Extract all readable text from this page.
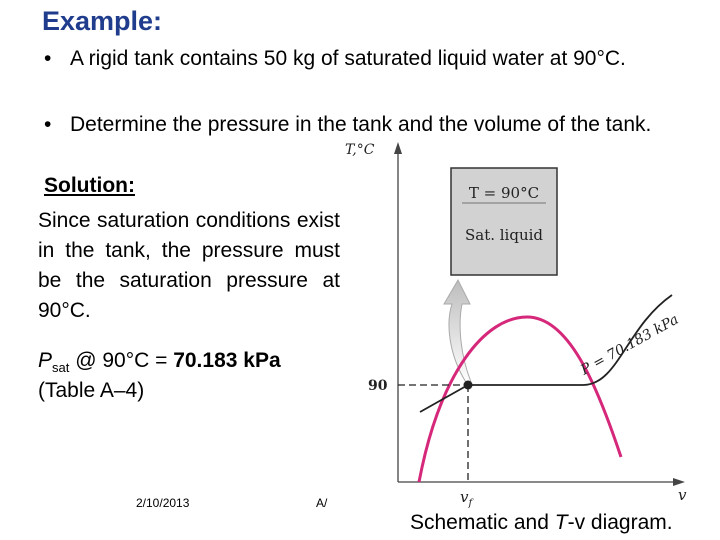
Example:
• A rigid tank contains 50 kg of saturated liquid water at 90°C.
• Determine the pressure in the tank and the volume of the tank.
Solution:
Since saturation conditions exist in the tank, the pressure must be the saturation pressure at 90°C.
$P_{sat}$ @ 90°C = 70.183 kPa
(Table A–4)
2/10/2013	A/
T,°C
v
T = 90°C
Sat. liquid
90
$v_f$
P = 70.183 kPa
Schematic and T-v diagram.
